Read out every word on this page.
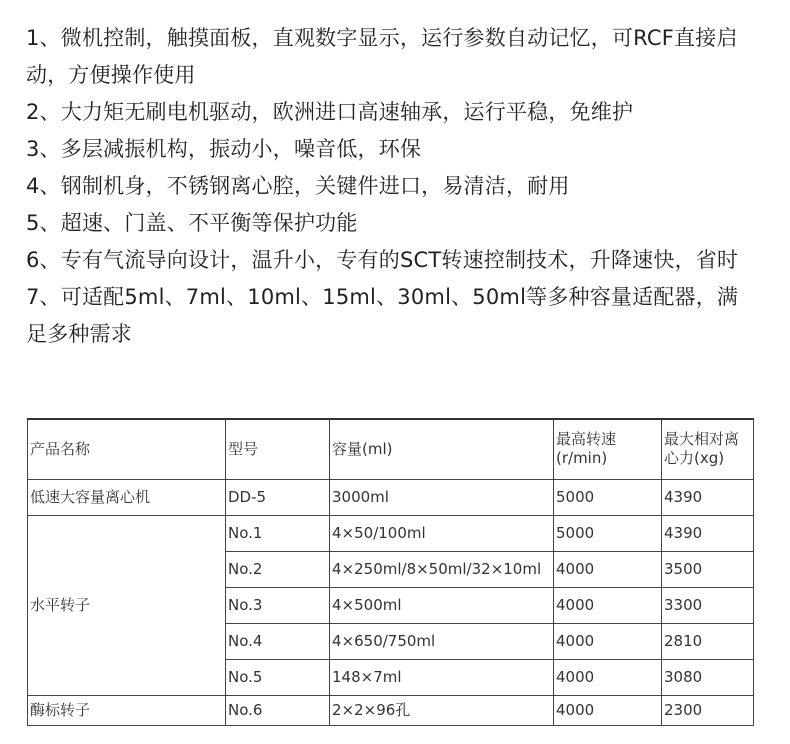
1、微机控制，触摸面板，直观数字显示，运行参数自动记忆，可RCF直接启动，方便操作使用

2、大力矩无刷电机驱动，欧洲进口高速轴承，运行平稳，免维护

3、多层减振机构，振动小，噪音低，环保

4、钢制机身，不锈钢离心腔，关键件进口，易清洁，耐用

5、超速、门盖、不平衡等保护功能

6、专有气流导向设计，温升小，专有的SCT转速控制技术，升降速快，省时

7、可适配5ml、7ml、10ml、15ml、30ml、50ml等多种容量适配器，满足多种需求

产品名称	型号	容量(ml)	最高转速(r/min)	最大相对离心力(xg)
低速大容量离心机	DD-5	3000ml	5000	4390
水平转子	No.1	4×50/100ml	5000	4390
	No.2	4×250ml/8×50ml/32×10ml	4000	3500
	No.3	4×500ml	4000	3300
	No.4	4×650/750ml	4000	2810
	No.5	148×7ml	4000	3080
酶标转子	No.6	2×2×96孔	4000	2300
